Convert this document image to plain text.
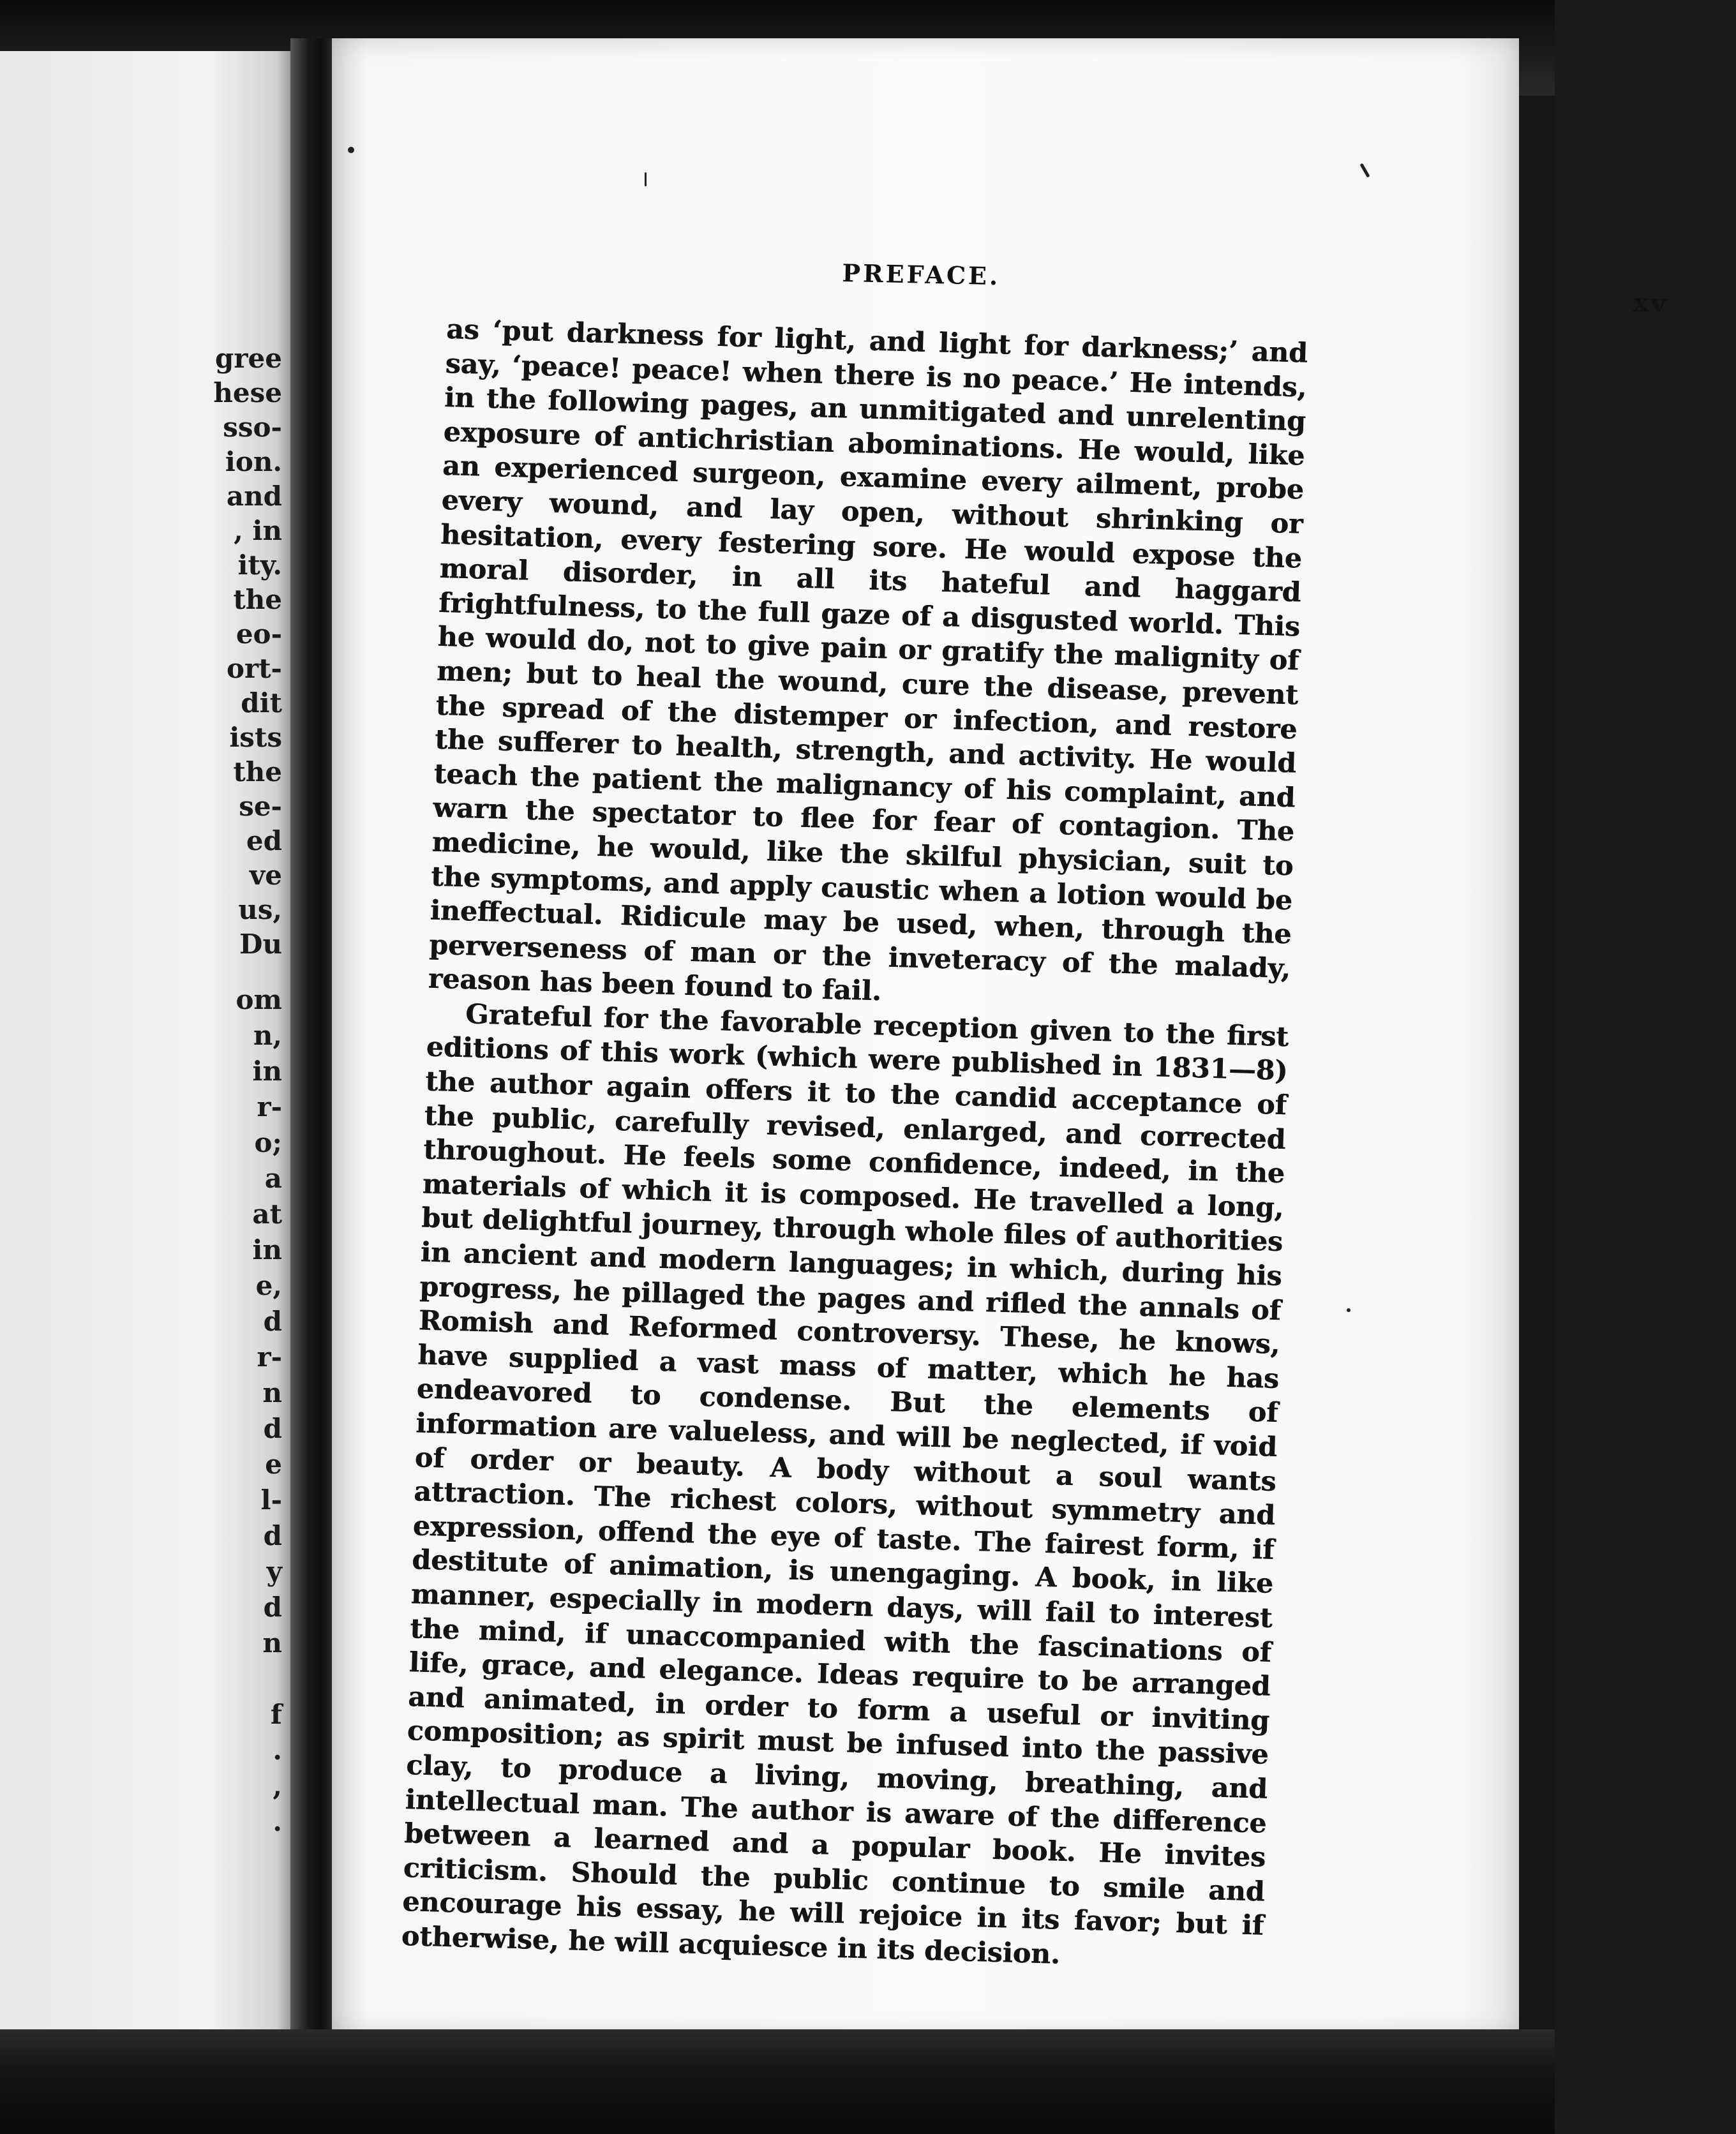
gree
hese
sso-
ion.
and
, in
ity.
the
eo-
ort-
dit
ists
the
se-
ed
ve
us,
Du
om
n,
in
r-
o;
a
at
in
e,
d
r-
n
d
e
l-
d
y
d
n
f
.
,
.
PREFACE.
xv

as ‘put darkness for light, and light for darkness;’ and say, ‘peace! peace! when there is no peace.’ He intends, in the following pages, an unmitigated and unrelenting exposure of antichristian abominations. He would, like an experienced surgeon, examine every ailment, probe every wound, and lay open, without shrinking or hesitation, every festering sore. He would expose the moral disorder, in all its hateful and haggard frightfulness, to the full gaze of a disgusted world. This he would do, not to give pain or gratify the malignity of men; but to heal the wound, cure the disease, prevent the spread of the distemper or infection, and restore the sufferer to health, strength, and activity. He would teach the patient the malignancy of his complaint, and warn the spectator to flee for fear of contagion. The medicine, he would, like the skilful physician, suit to the symptoms, and apply caustic when a lotion would be ineffectual. Ridicule may be used, when, through the perverseness of man or the inveteracy of the malady, reason has been found to fail.

Grateful for the favorable reception given to the first editions of this work (which were published in 1831—8) the author again offers it to the candid acceptance of the public, carefully revised, enlarged, and corrected throughout. He feels some confidence, indeed, in the materials of which it is composed. He travelled a long, but delightful journey, through whole files of authorities in ancient and modern languages; in which, during his progress, he pillaged the pages and rifled the annals of Romish and Reformed controversy. These, he knows, have supplied a vast mass of matter, which he has endeavored to condense. But the elements of information are valueless, and will be neglected, if void of order or beauty. A body without a soul wants attraction. The richest colors, without symmetry and expression, offend the eye of taste. The fairest form, if destitute of animation, is unengaging. A book, in like manner, especially in modern days, will fail to interest the mind, if unaccompanied with the fascinations of life, grace, and elegance. Ideas require to be arranged and animated, in order to form a useful or inviting composition; as spirit must be infused into the passive clay, to produce a living, moving, breathing, and intellectual man. The author is aware of the difference between a learned and a popular book. He invites criticism. Should the public continue to smile and encourage his essay, he will rejoice in its favor; but if otherwise, he will acquiesce in its decision.
